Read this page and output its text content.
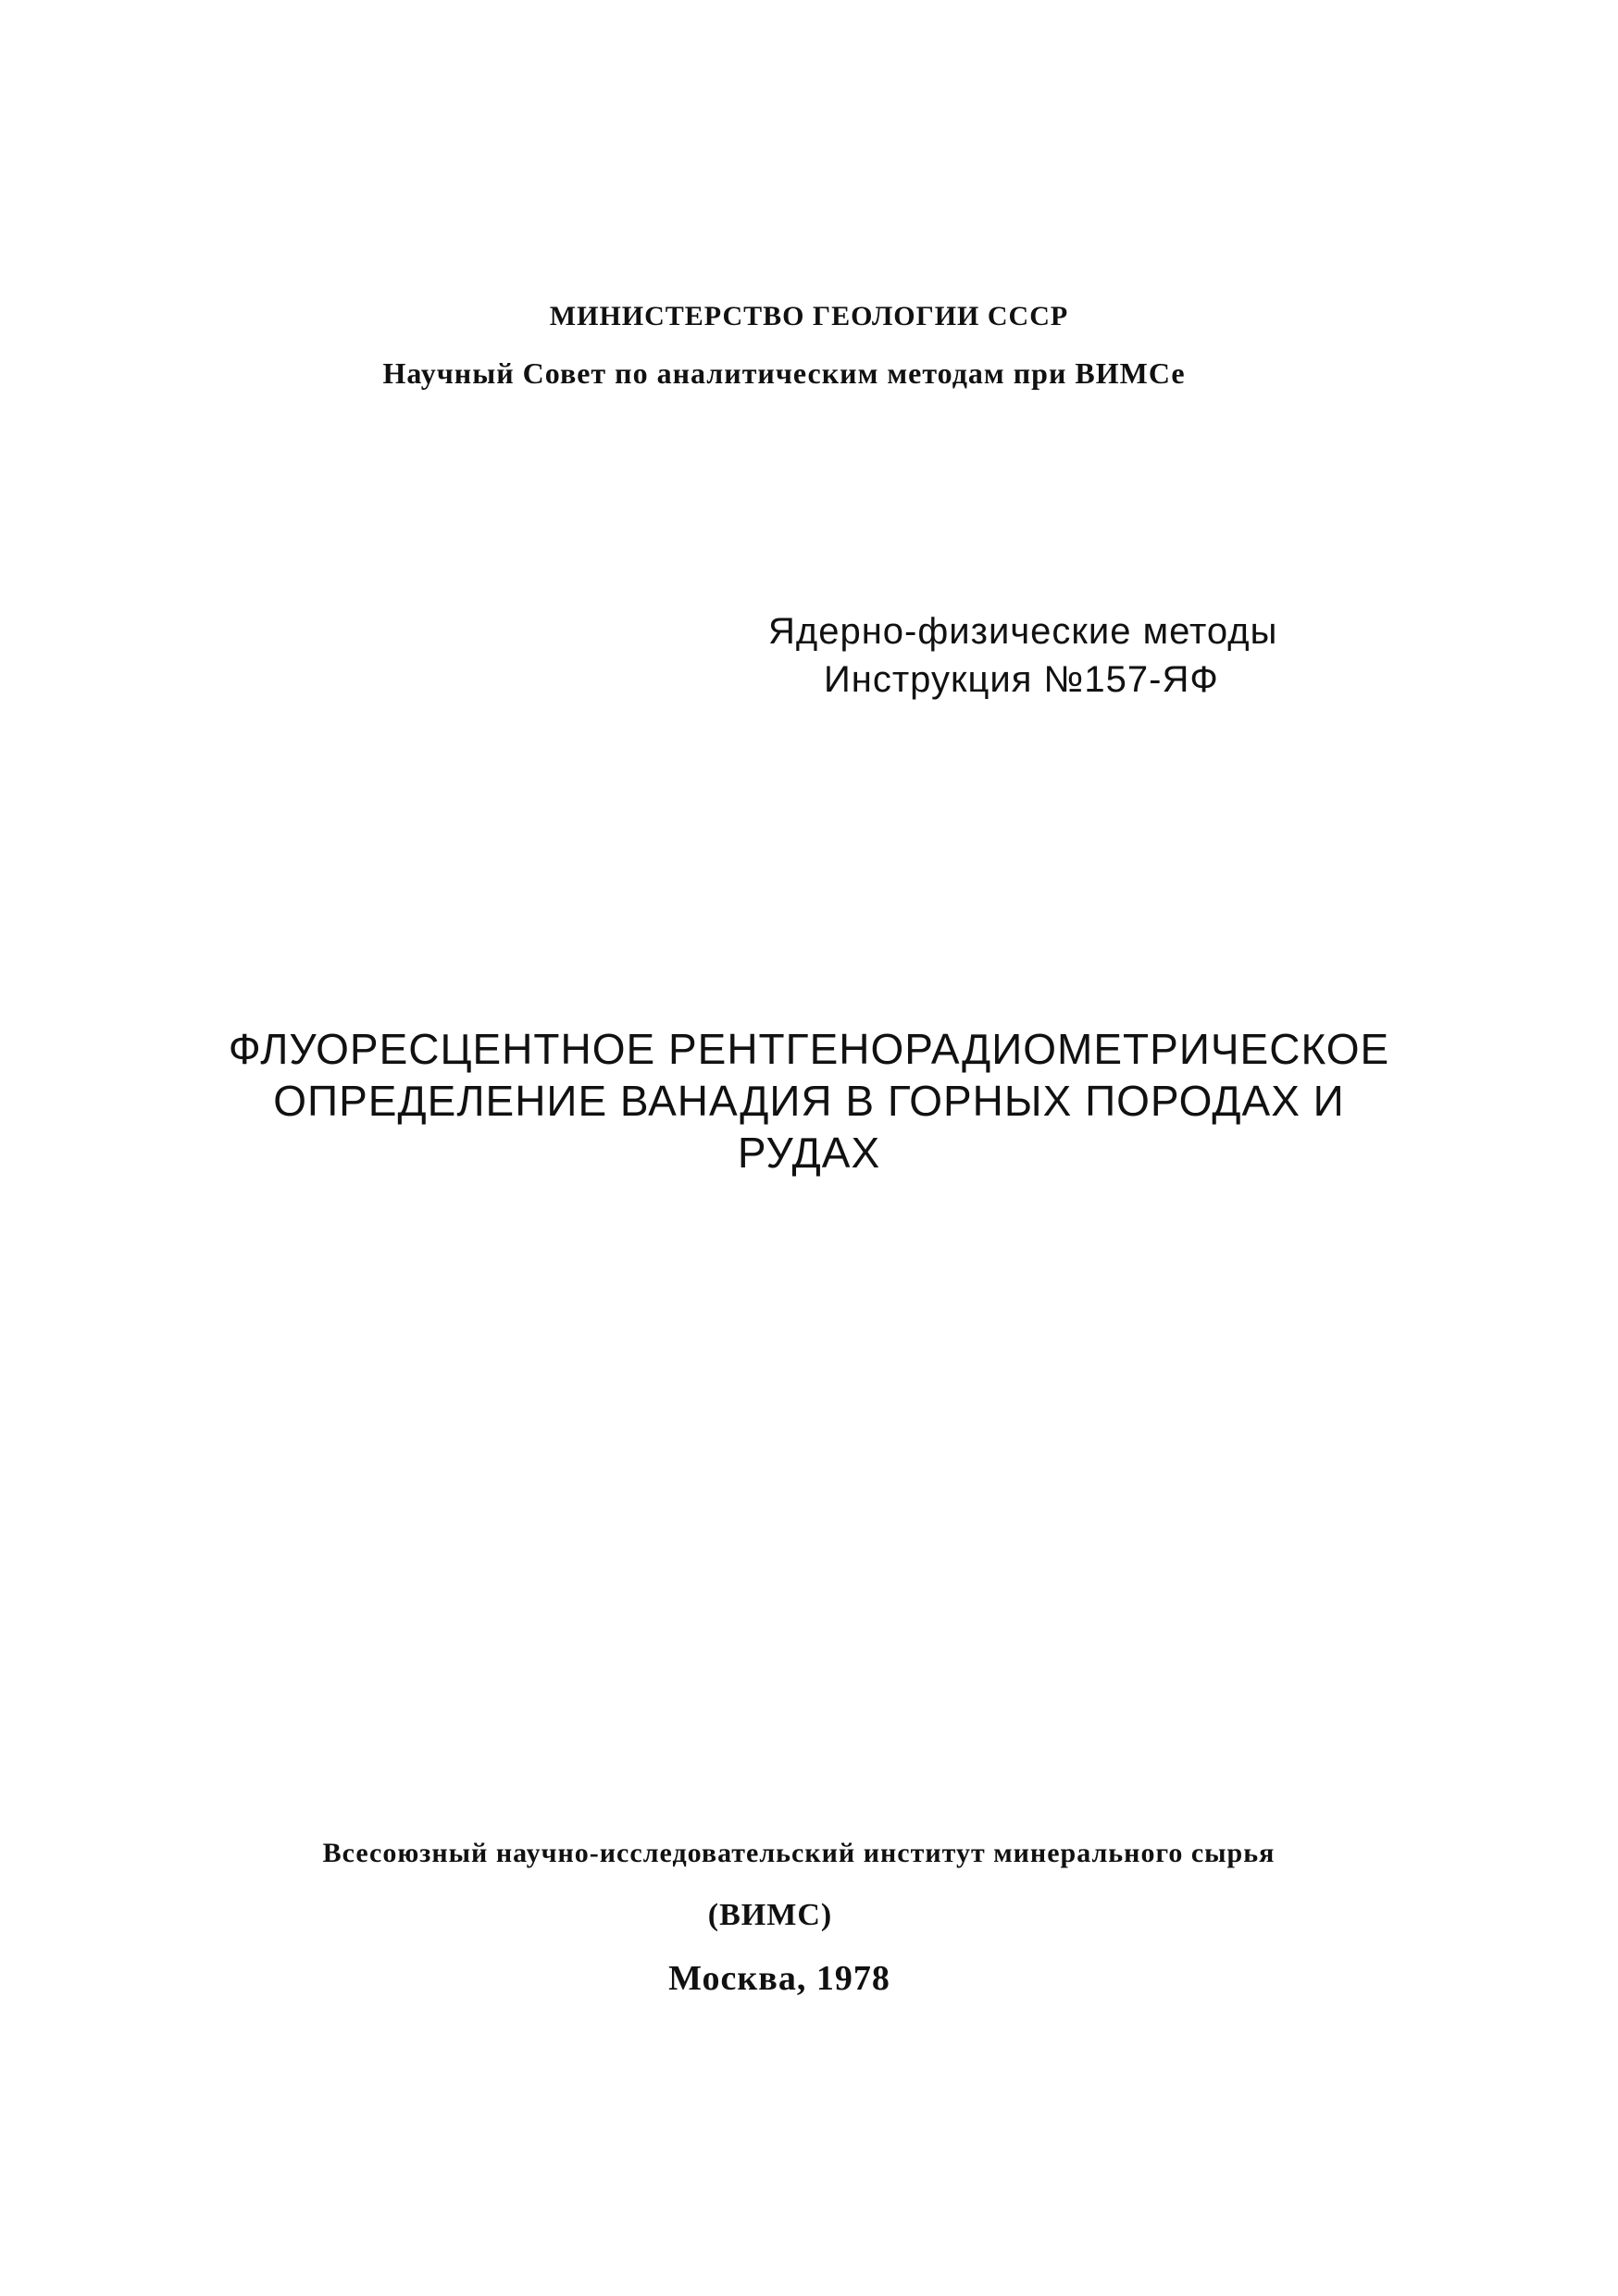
МИНИСТЕРСТВО ГЕОЛОГИИ СССР
Научный Совет по аналитическим методам при ВИМСе
Ядерно-физические методы
Инструкция №157-ЯФ
ФЛУОРЕСЦЕНТНОЕ РЕНТГЕНОРАДИОМЕТРИЧЕСКОЕ
ОПРЕДЕЛЕНИЕ ВАНАДИЯ В ГОРНЫХ ПОРОДАХ И
РУДАХ
Всесоюзный научно-исследовательский институт минерального сырья
(ВИМС)
Москва, 1978
